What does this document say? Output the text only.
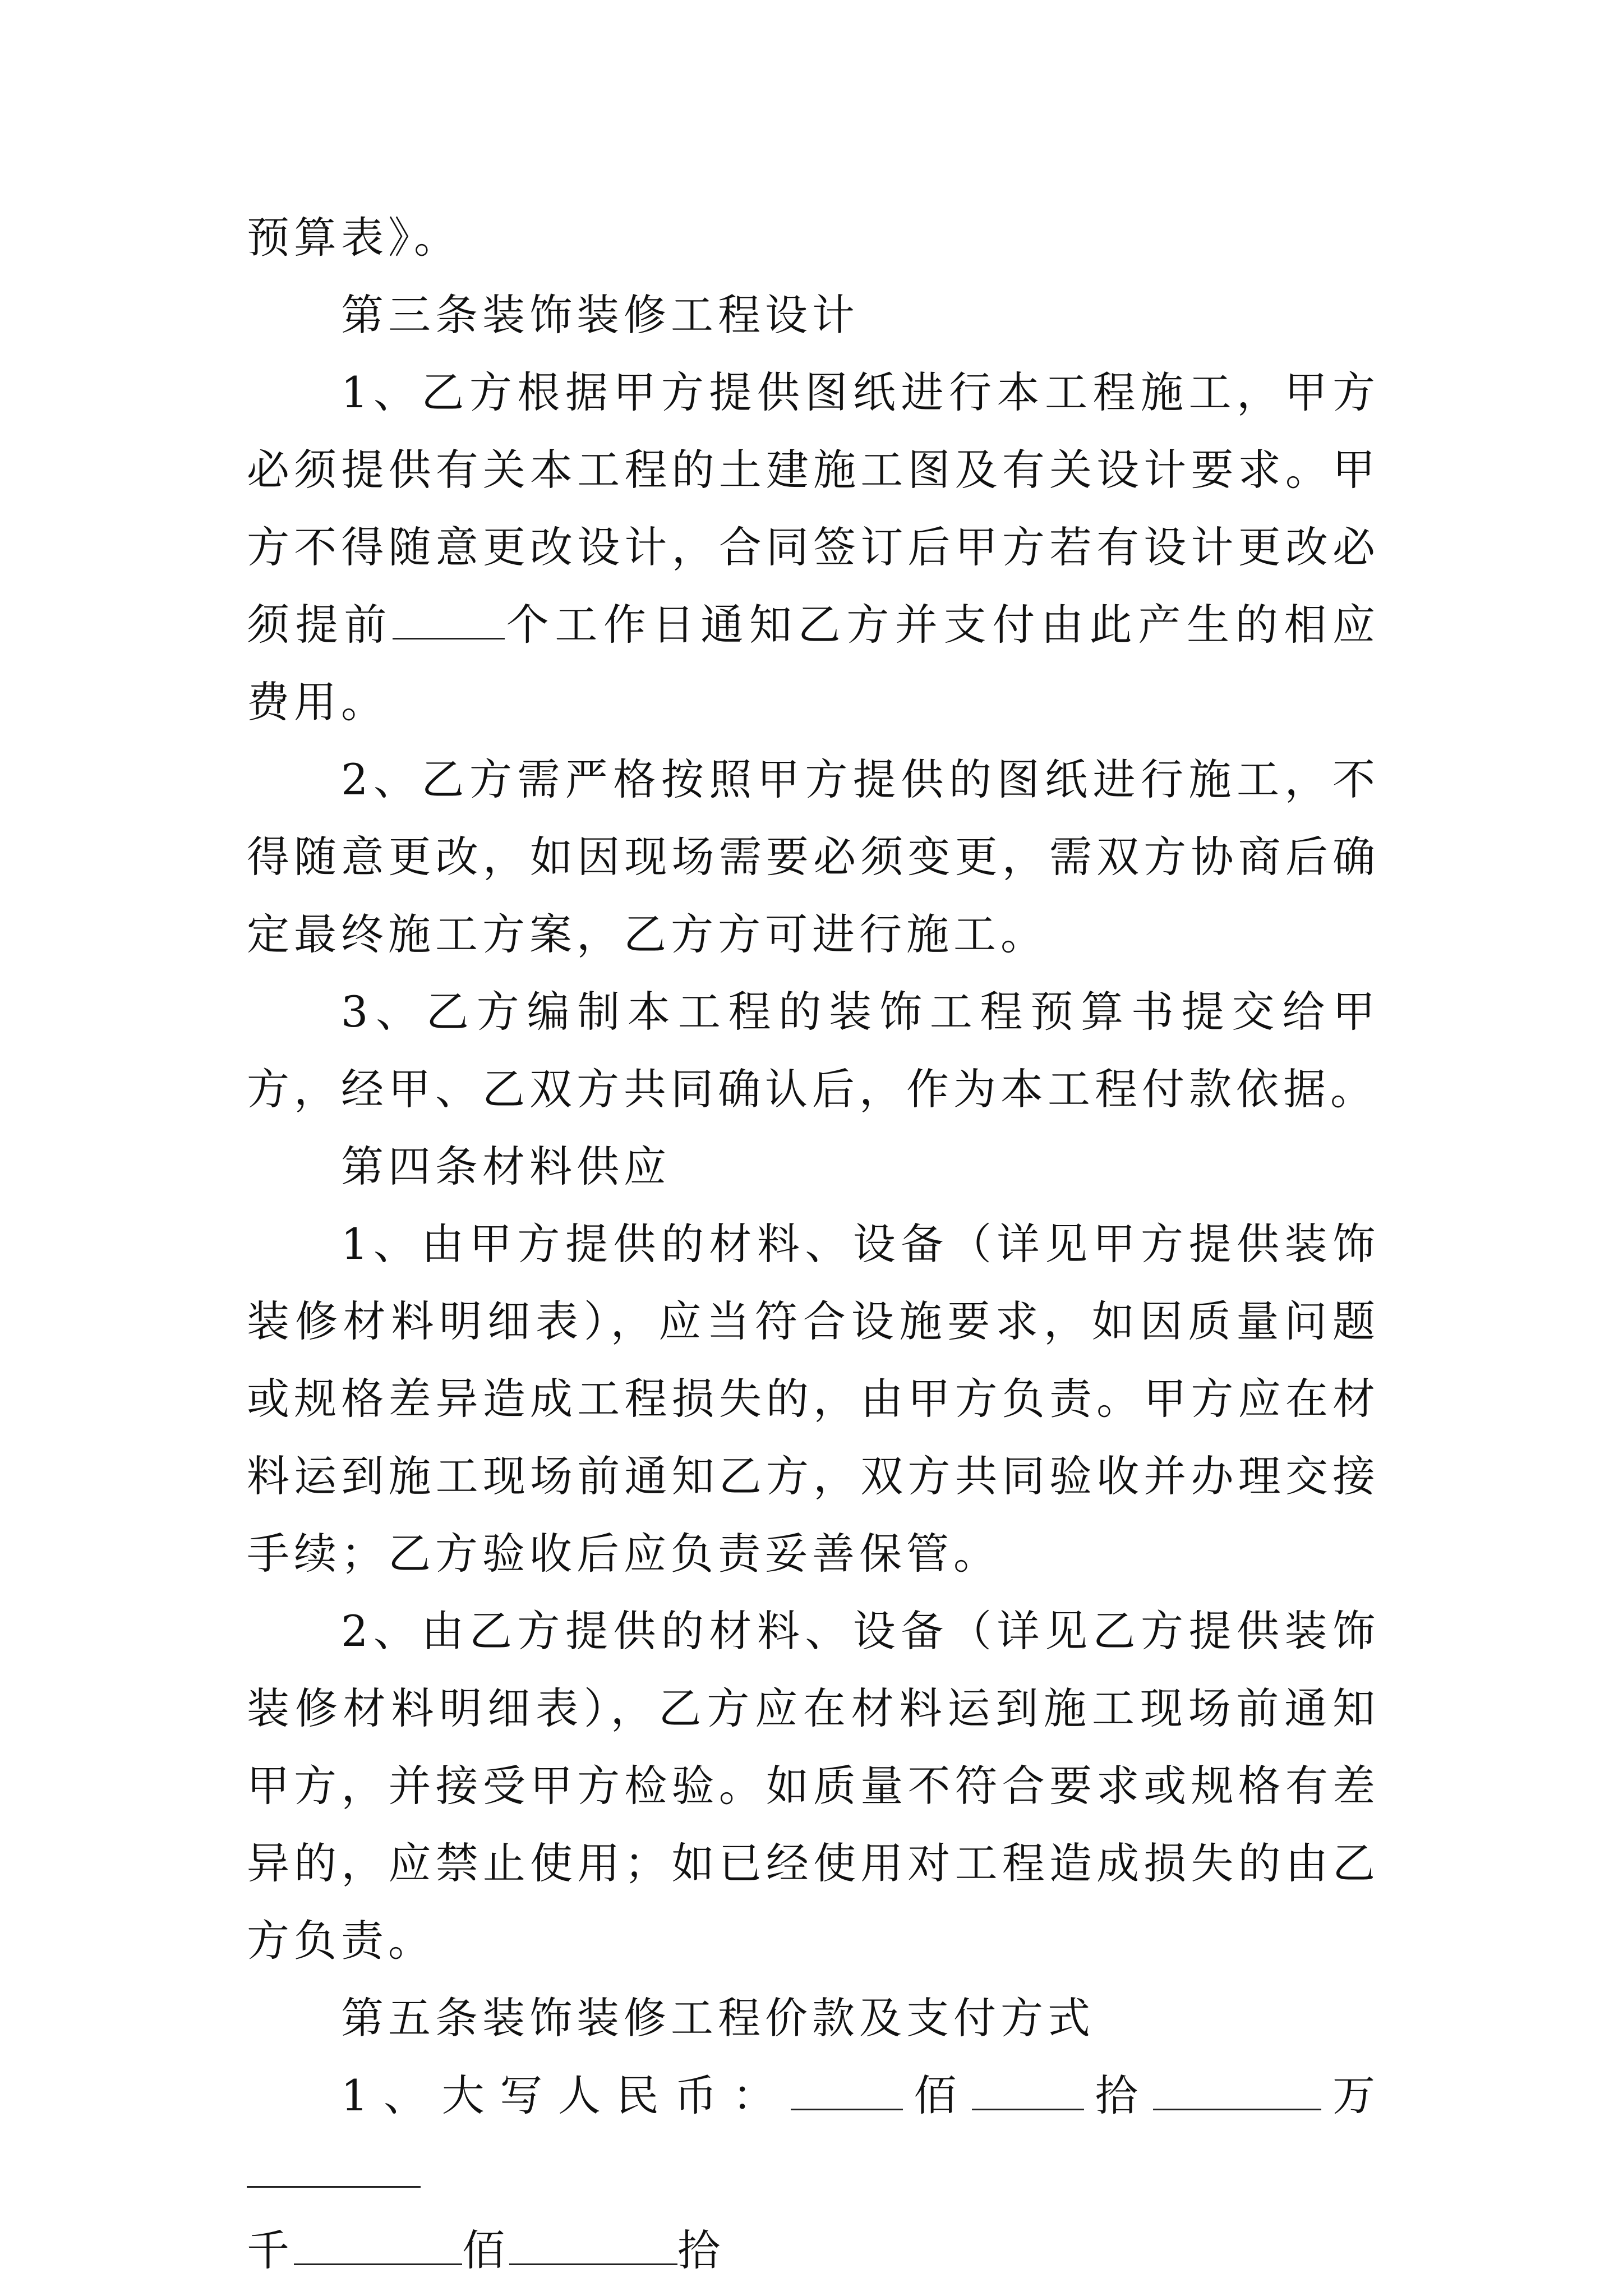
预算表》。

第三条装饰装修工程设计

1、乙方根据甲方提供图纸进行本工程施工，甲方必须提供有关本工程的土建施工图及有关设计要求。甲方不得随意更改设计，合同签订后甲方若有设计更改必须提前	个工作日通知乙方并支付由此产生的相应费用。

2、乙方需严格按照甲方提供的图纸进行施工，不得随意更改，如因现场需要必须变更，需双方协商后确定最终施工方案，乙方方可进行施工。

3、乙方编制本工程的装饰工程预算书提交给甲方，经甲、乙双方共同确认后，作为本工程付款依据。

第四条材料供应

1、由甲方提供的材料、设备（详见甲方提供装饰装修材料明细表），应当符合设施要求，如因质量问题或规格差异造成工程损失的，由甲方负责。甲方应在材料运到施工现场前通知乙方，双方共同验收并办理交接手续；乙方验收后应负责妥善保管。

2、由乙方提供的材料、设备（详见乙方提供装饰装修材料明细表），乙方应在材料运到施工现场前通知甲方，并接受甲方检验。如质量不符合要求或规格有差异的，应禁止使用；如已经使用对工程造成损失的由乙方负责。

第五条装饰装修工程价款及支付方式

1、大写人民币：	佰	拾	万

千	佰	拾
